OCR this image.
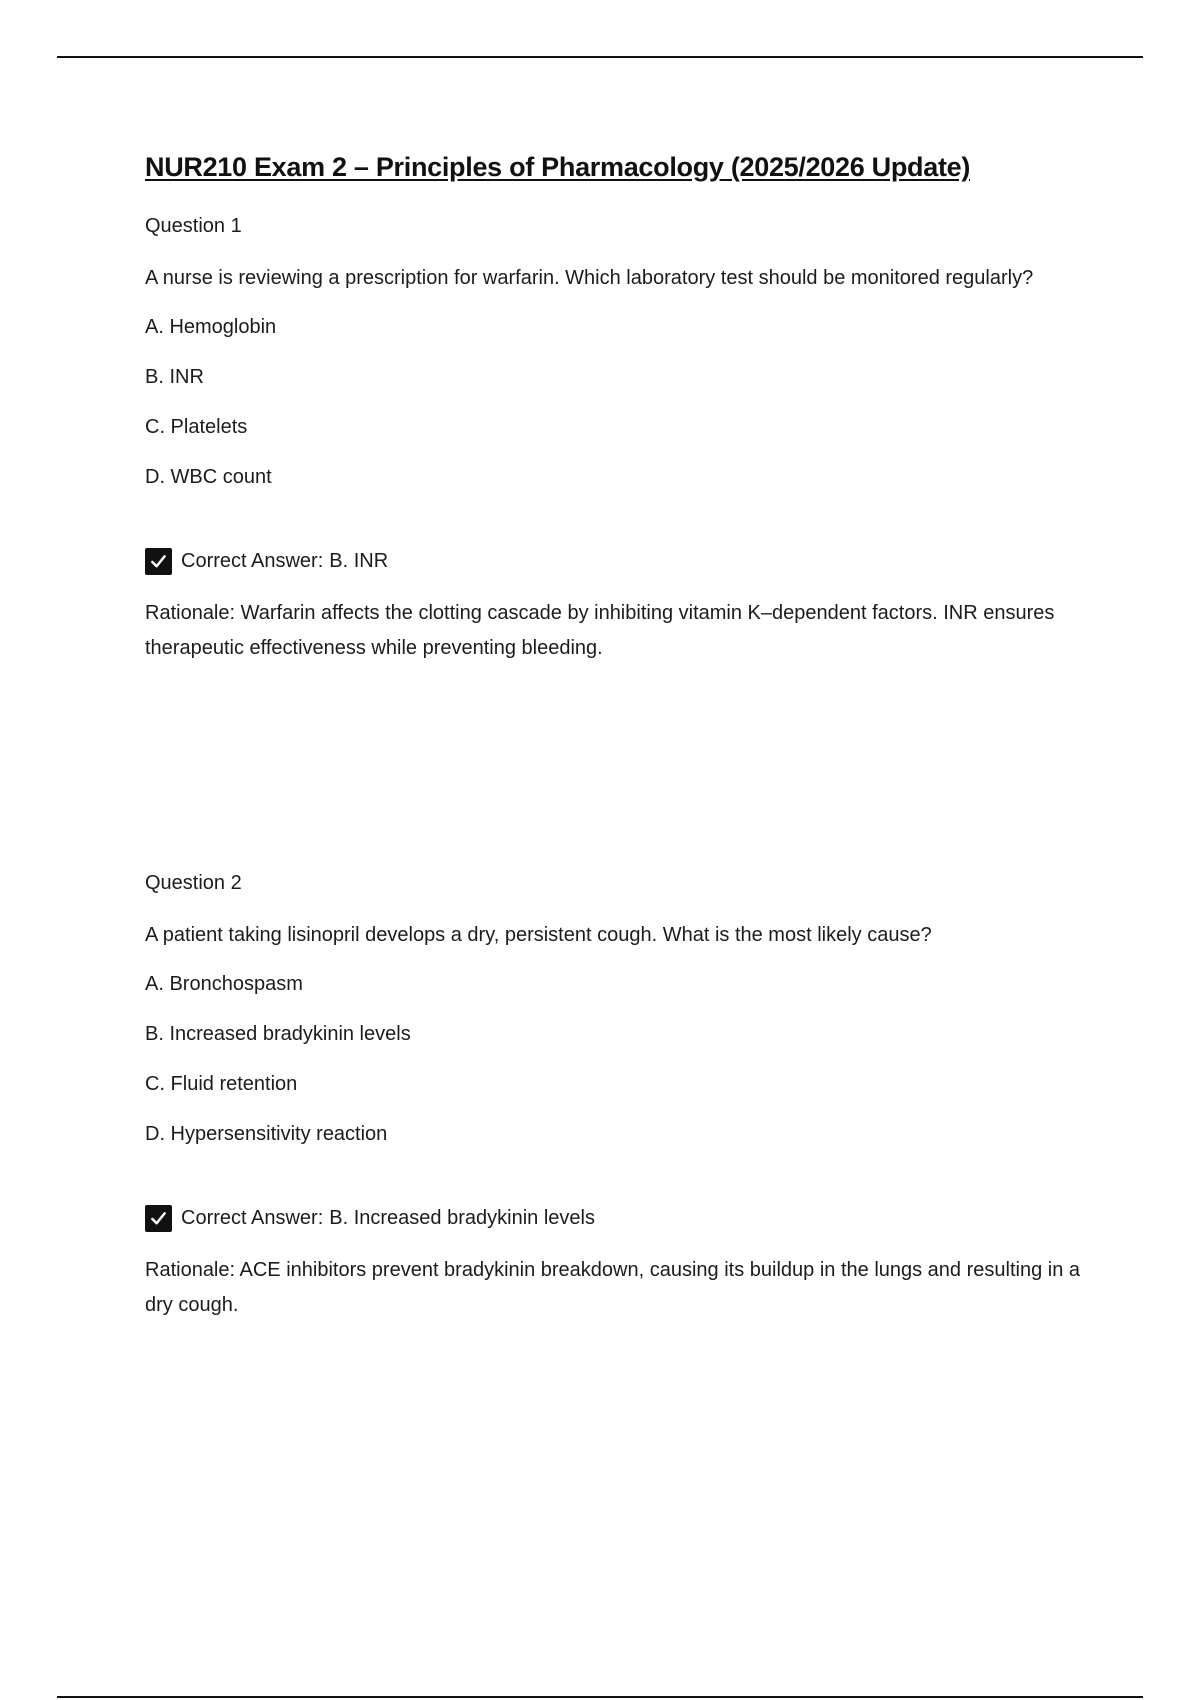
NUR210 Exam 2 – Principles of Pharmacology (2025/2026 Update)
Question 1

A nurse is reviewing a prescription for warfarin. Which laboratory test should be monitored regularly?

A. Hemoglobin
B. INR
C. Platelets
D. WBC count
Correct Answer: B. INR

Rationale: Warfarin affects the clotting cascade by inhibiting vitamin K–dependent factors. INR ensures therapeutic effectiveness while preventing bleeding.

Question 2

A patient taking lisinopril develops a dry, persistent cough. What is the most likely cause?

A. Bronchospasm
B. Increased bradykinin levels
C. Fluid retention
D. Hypersensitivity reaction
Correct Answer: B. Increased bradykinin levels

Rationale: ACE inhibitors prevent bradykinin breakdown, causing its buildup in the lungs and resulting in a dry cough.
